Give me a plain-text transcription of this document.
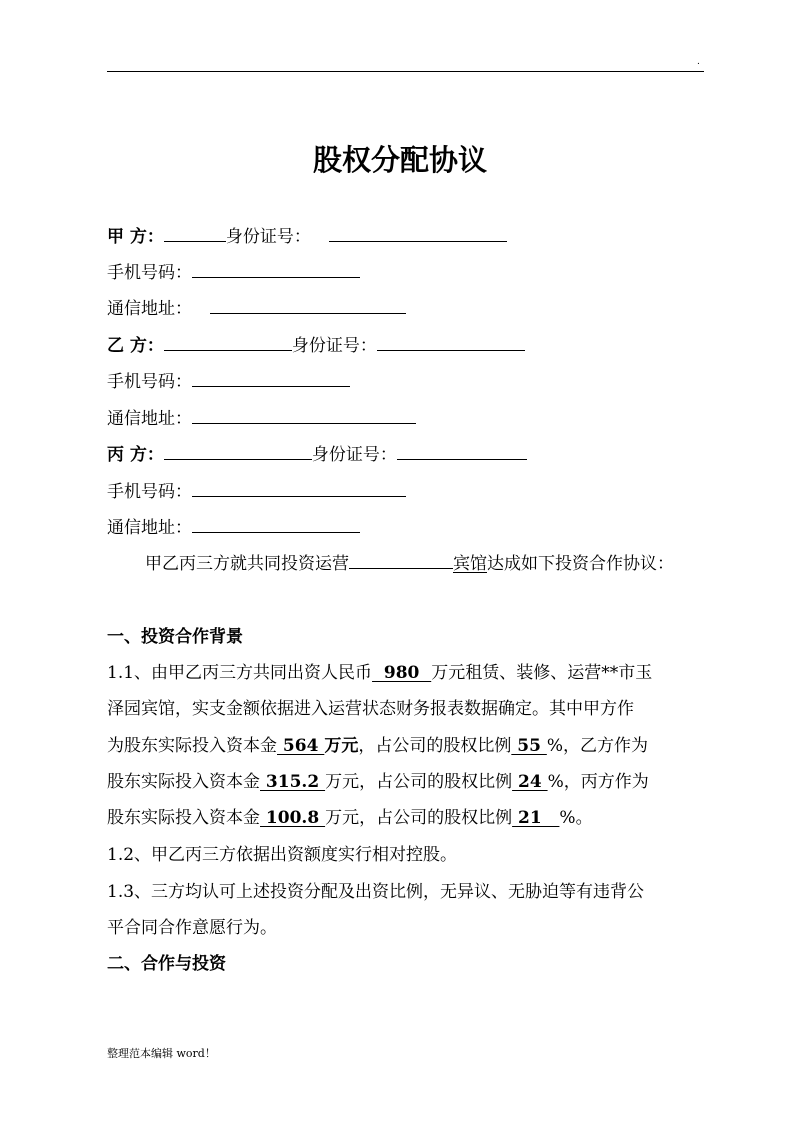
.
股权分配协议
甲 方：	身份证号：
手机号码：
通信地址：
乙 方：	身份证号：
手机号码：
通信地址：
丙 方：	身份证号：
手机号码：
通信地址：
甲乙丙三方就共同投资运营	宾馆达成如下投资合作协议：
一、投资合作背景
1.1、由甲乙丙三方共同出资人民币  980  万元租赁、装修、运营**市玉
泽园宾馆，实支金额依据进入运营状态财务报表数据确定。其中甲方作
为股东实际投入资本金 564 万元，占公司的股权比例 55 %，乙方作为
股东实际投入资本金 315.2 万元，占公司的股权比例 24 %，丙方作为
股东实际投入资本金 100.8 万元，占公司的股权比例 21   %。
1.2、甲乙丙三方依据出资额度实行相对控股。
1.3、三方均认可上述投资分配及出资比例，无异议、无胁迫等有违背公
平合同合作意愿行为。
二、合作与投资
整理范本编辑 word！
